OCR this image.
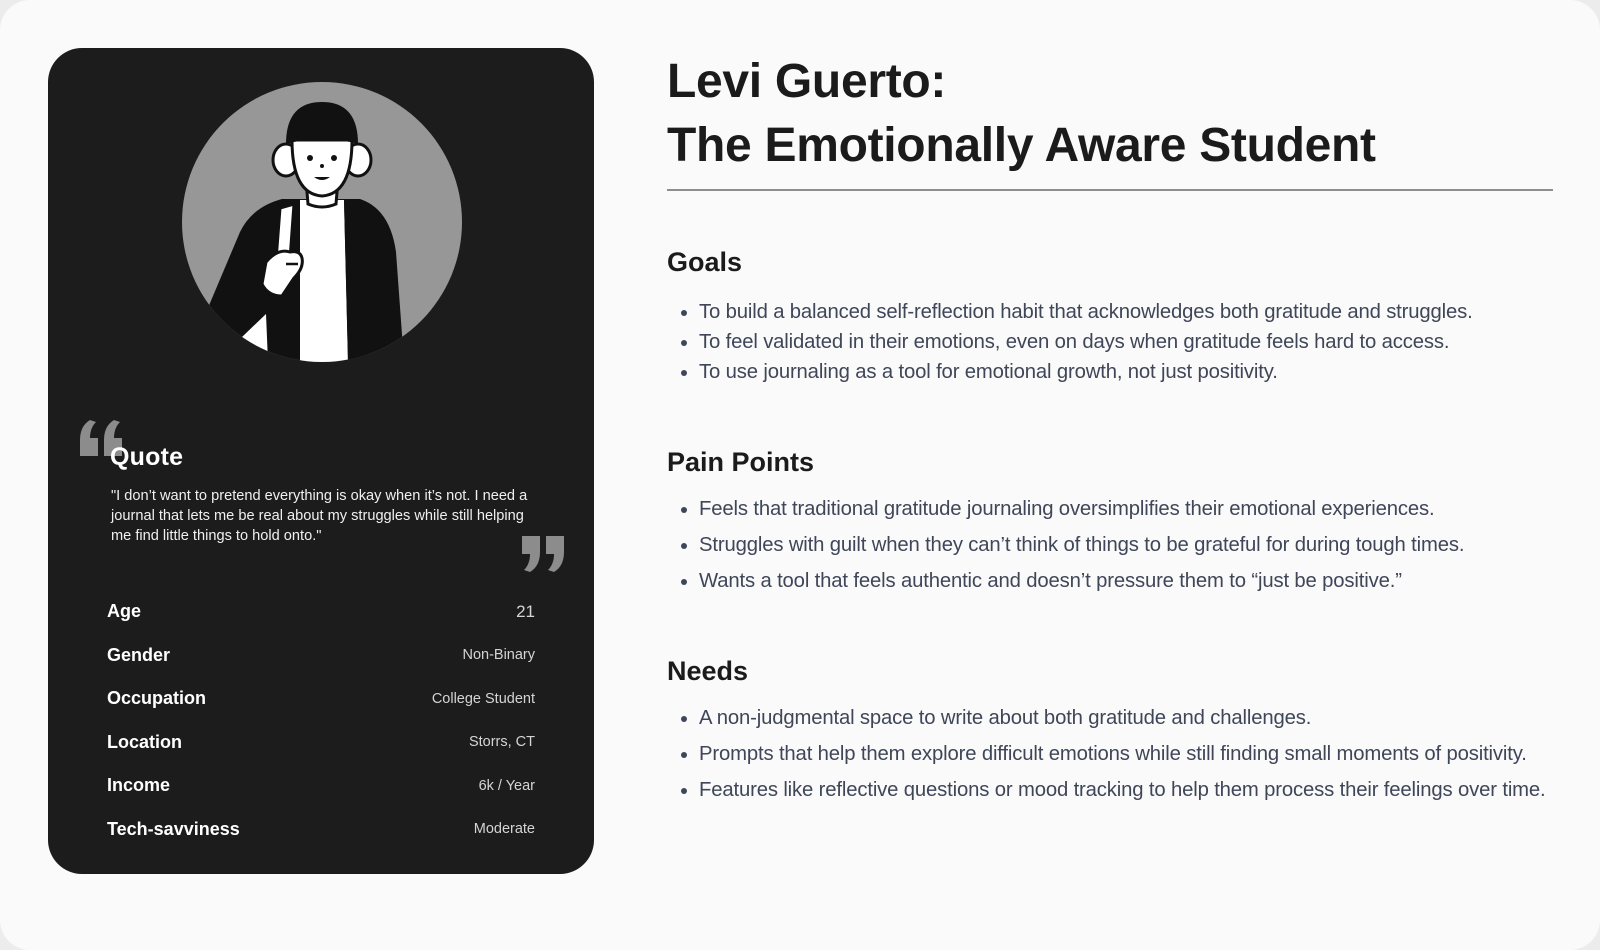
Quote

"I don’t want to pretend everything is okay when it’s not. I need a journal that lets me be real about my struggles while still helping me find little things to hold onto."

Age	21
Gender	Non-Binary
Occupation	College Student
Location	Storrs, CT
Income	6k / Year
Tech-savviness	Moderate
Levi Guerto:
The Emotionally Aware Student
Goals
• To build a balanced self-reflection habit that acknowledges both gratitude and struggles.
• To feel validated in their emotions, even on days when gratitude feels hard to access.
• To use journaling as a tool for emotional growth, not just positivity.
Pain Points
• Feels that traditional gratitude journaling oversimplifies their emotional experiences.
• Struggles with guilt when they can’t think of things to be grateful for during tough times.
• Wants a tool that feels authentic and doesn’t pressure them to “just be positive.”
Needs
• A non-judgmental space to write about both gratitude and challenges.
• Prompts that help them explore difficult emotions while still finding small moments of positivity.
• Features like reflective questions or mood tracking to help them process their feelings over time.
